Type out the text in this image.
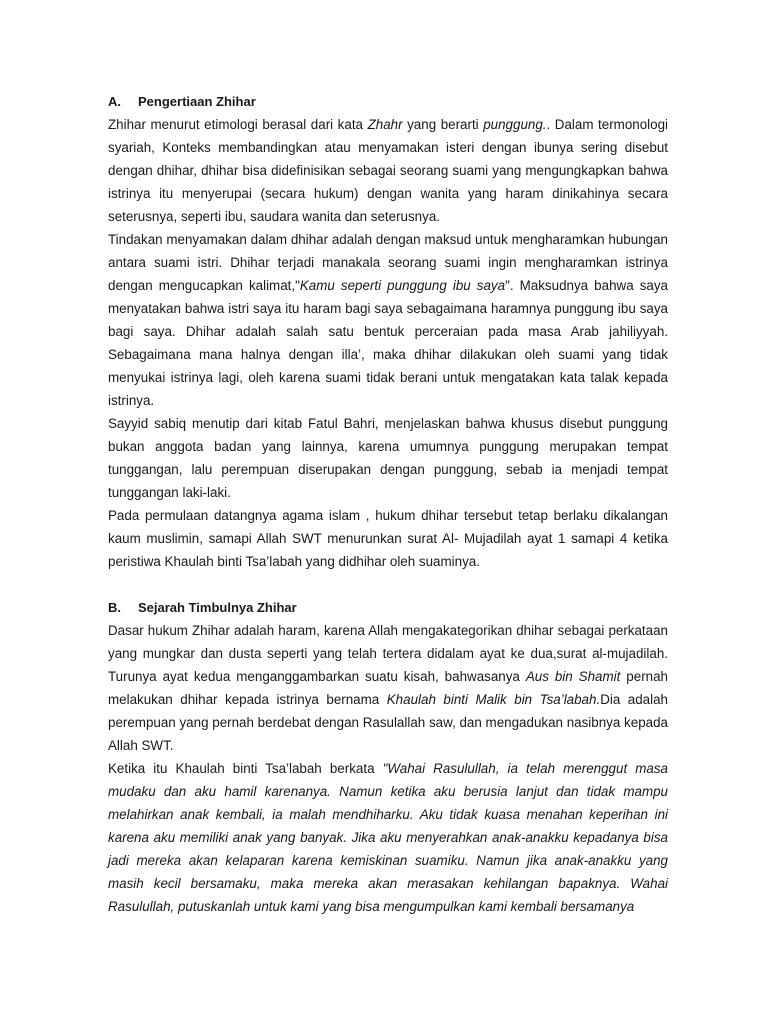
A.	Pengertiaan Zhihar

Zhihar menurut etimologi berasal dari kata Zhahr yang berarti punggung.. Dalam termonologi syariah, Konteks membandingkan atau menyamakan isteri dengan ibunya sering disebut dengan dhihar, dhihar bisa didefinisikan sebagai seorang suami yang mengungkapkan bahwa istrinya itu menyerupai (secara hukum) dengan wanita yang haram dinikahinya secara seterusnya, seperti ibu, saudara wanita dan seterusnya.

Tindakan menyamakan dalam dhihar adalah dengan maksud untuk mengharamkan hubungan antara suami istri. Dhihar terjadi manakala seorang suami ingin mengharamkan istrinya dengan mengucapkan kalimat,"Kamu seperti punggung ibu saya". Maksudnya bahwa saya menyatakan bahwa istri saya itu haram bagi saya sebagaimana haramnya punggung ibu saya bagi saya. Dhihar adalah salah satu bentuk perceraian pada masa Arab jahiliyyah. Sebagaimana mana halnya dengan illa’, maka dhihar dilakukan oleh suami yang tidak menyukai istrinya lagi, oleh karena suami tidak berani untuk mengatakan kata talak kepada istrinya.

Sayyid sabiq menutip dari kitab Fatul Bahri, menjelaskan bahwa khusus disebut punggung bukan anggota badan yang lainnya, karena umumnya punggung merupakan tempat tunggangan, lalu perempuan diserupakan dengan punggung, sebab ia menjadi tempat tunggangan laki-laki.

Pada permulaan datangnya agama islam , hukum dhihar tersebut tetap berlaku dikalangan kaum muslimin, samapi Allah SWT menurunkan surat Al- Mujadilah ayat 1 samapi 4 ketika peristiwa Khaulah binti Tsa’labah yang didhihar oleh suaminya.

B.	Sejarah Timbulnya Zhihar

Dasar hukum Zhihar adalah haram, karena Allah mengakategorikan dhihar sebagai perkataan yang mungkar dan dusta seperti yang telah tertera didalam ayat ke dua,surat al-mujadilah. Turunya ayat kedua menganggambarkan suatu kisah, bahwasanya Aus bin Shamit pernah melakukan dhihar kepada istrinya bernama Khaulah binti Malik bin Tsa’labah.Dia adalah perempuan yang pernah berdebat dengan Rasulallah saw, dan mengadukan nasibnya kepada Allah SWT.

Ketika itu Khaulah binti Tsa’labah berkata "Wahai Rasulullah, ia telah merenggut masa mudaku dan aku hamil karenanya. Namun ketika aku berusia lanjut dan tidak mampu melahirkan anak kembali, ia malah mendhiharku. Aku tidak kuasa menahan keperihan ini karena aku memiliki anak yang banyak. Jika aku menyerahkan anak-anakku kepadanya bisa jadi mereka akan kelaparan karena kemiskinan suamiku. Namun jika anak-anakku yang masih kecil bersamaku, maka mereka akan merasakan kehilangan bapaknya. Wahai Rasulullah, putuskanlah untuk kami yang bisa mengumpulkan kami kembali bersamanya
